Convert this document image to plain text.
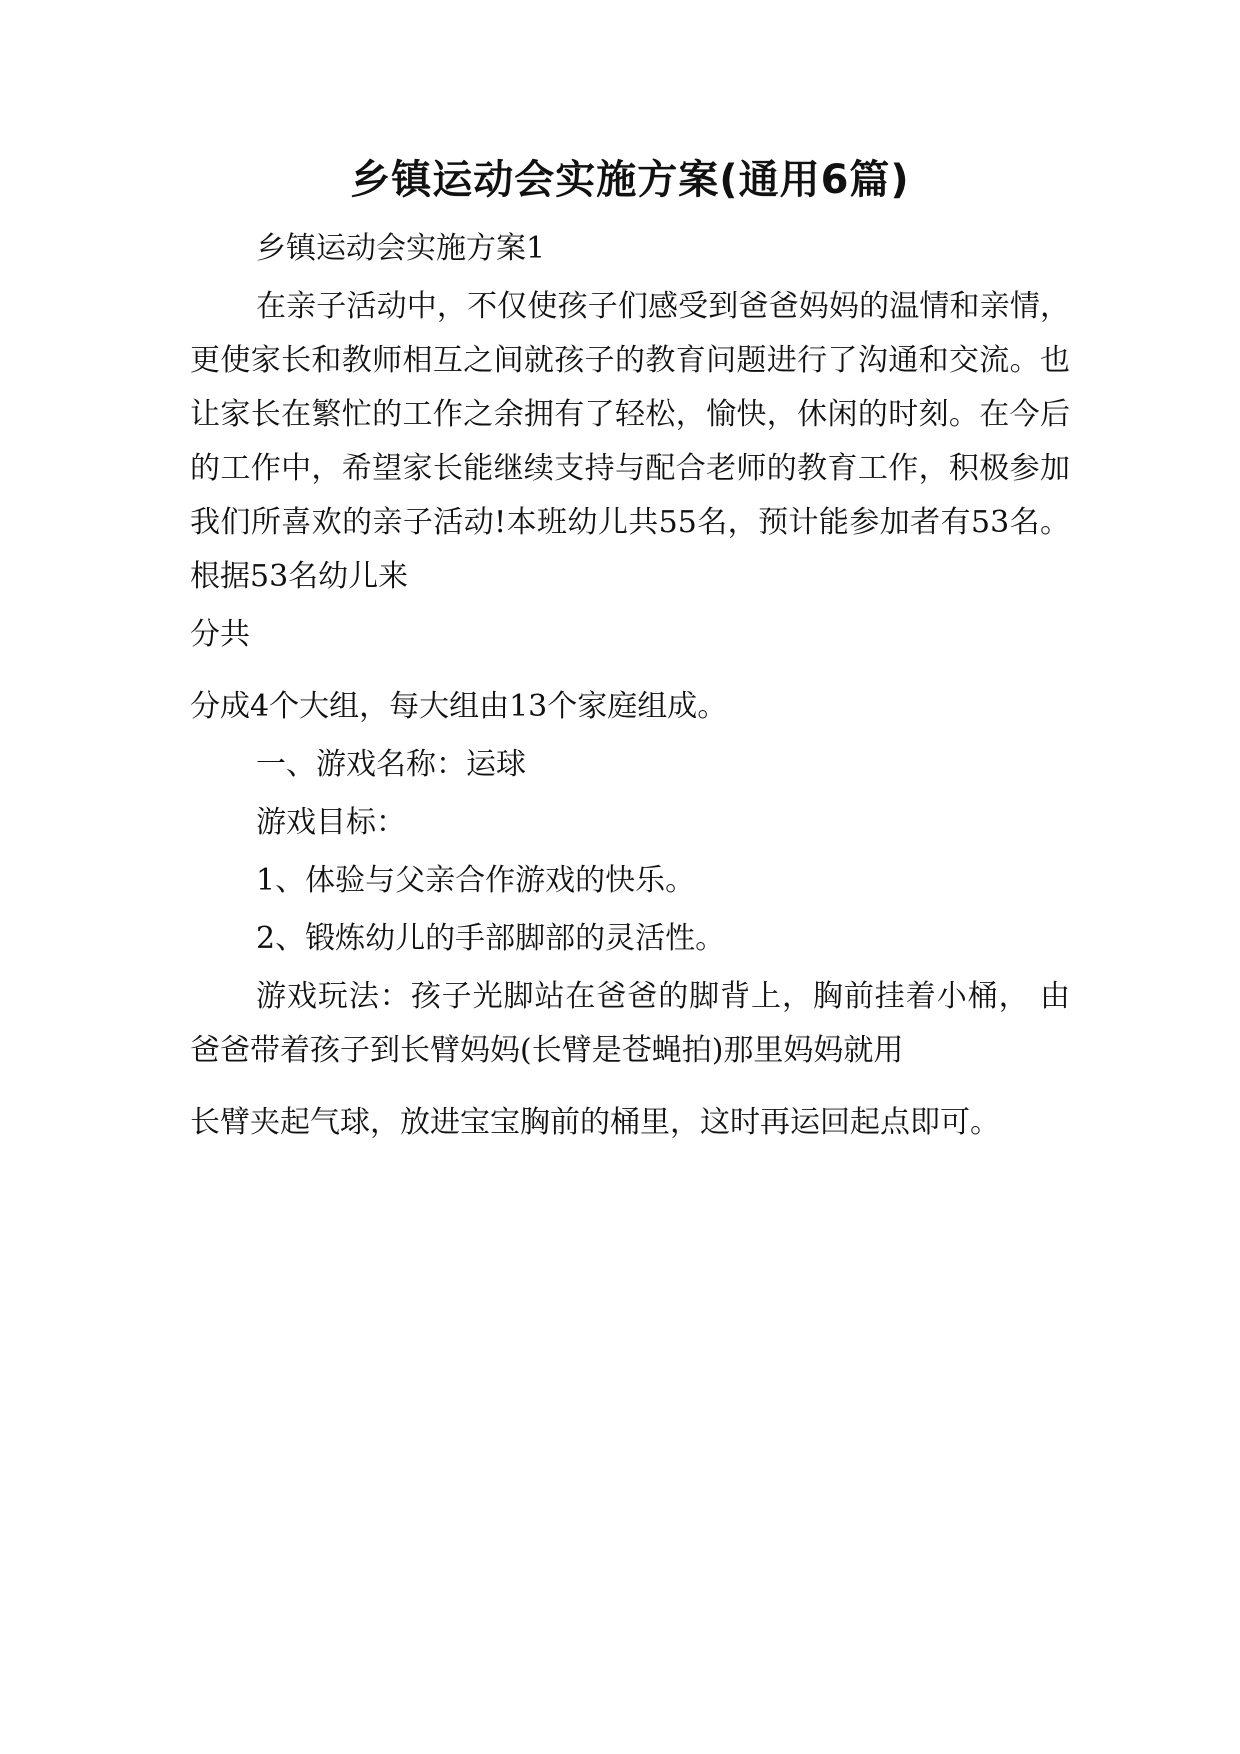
乡镇运动会实施方案(通用6篇)
乡镇运动会实施方案1
在亲子活动中，不仅使孩子们感受到爸爸妈妈的温情和亲情，更使家长和教师相互之间就孩子的教育问题进行了沟通和交流。也让家长在繁忙的工作之余拥有了轻松，愉快，休闲的时刻。在今后的工作中，希望家长能继续支持与配合老师的教育工作，积极参加我们所喜欢的亲子活动!本班幼儿共55名，预计能参加者有53名。根据53名幼儿来
分共
分成4个大组，每大组由13个家庭组成。
一、游戏名称：运球
游戏目标：
1、体验与父亲合作游戏的快乐。
2、锻炼幼儿的手部脚部的灵活性。
游戏玩法：孩子光脚站在爸爸的脚背上，胸前挂着小桶， 由爸爸带着孩子到长臂妈妈(长臂是苍蝇拍)那里妈妈就用
长臂夹起气球，放进宝宝胸前的桶里，这时再运回起点即可。
